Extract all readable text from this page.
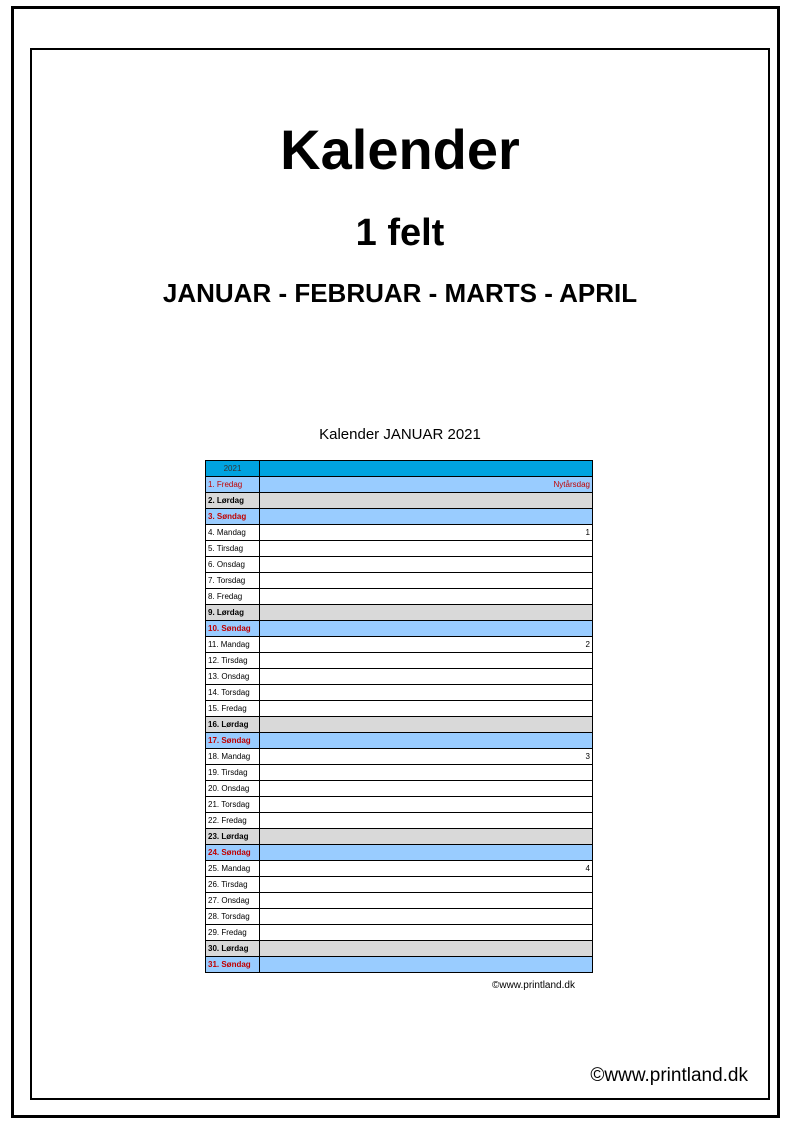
Kalender
1 felt
JANUAR - FEBRUAR - MARTS - APRIL
Kalender JANUAR 2021
2021	
1. Fredag	Nytårsdag
2. Lørdag	
3. Søndag	
4. Mandag	1
5. Tirsdag	
6. Onsdag	
7. Torsdag	
8. Fredag	
9. Lørdag	
10. Søndag	
11. Mandag	2
12. Tirsdag	
13. Onsdag	
14. Torsdag	
15. Fredag	
16. Lørdag	
17. Søndag	
18. Mandag	3
19. Tirsdag	
20. Onsdag	
21. Torsdag	
22. Fredag	
23. Lørdag	
24. Søndag	
25. Mandag	4
26. Tirsdag	
27. Onsdag	
28. Torsdag	
29. Fredag	
30. Lørdag	
31. Søndag	
©www.printland.dk
©www.printland.dk
